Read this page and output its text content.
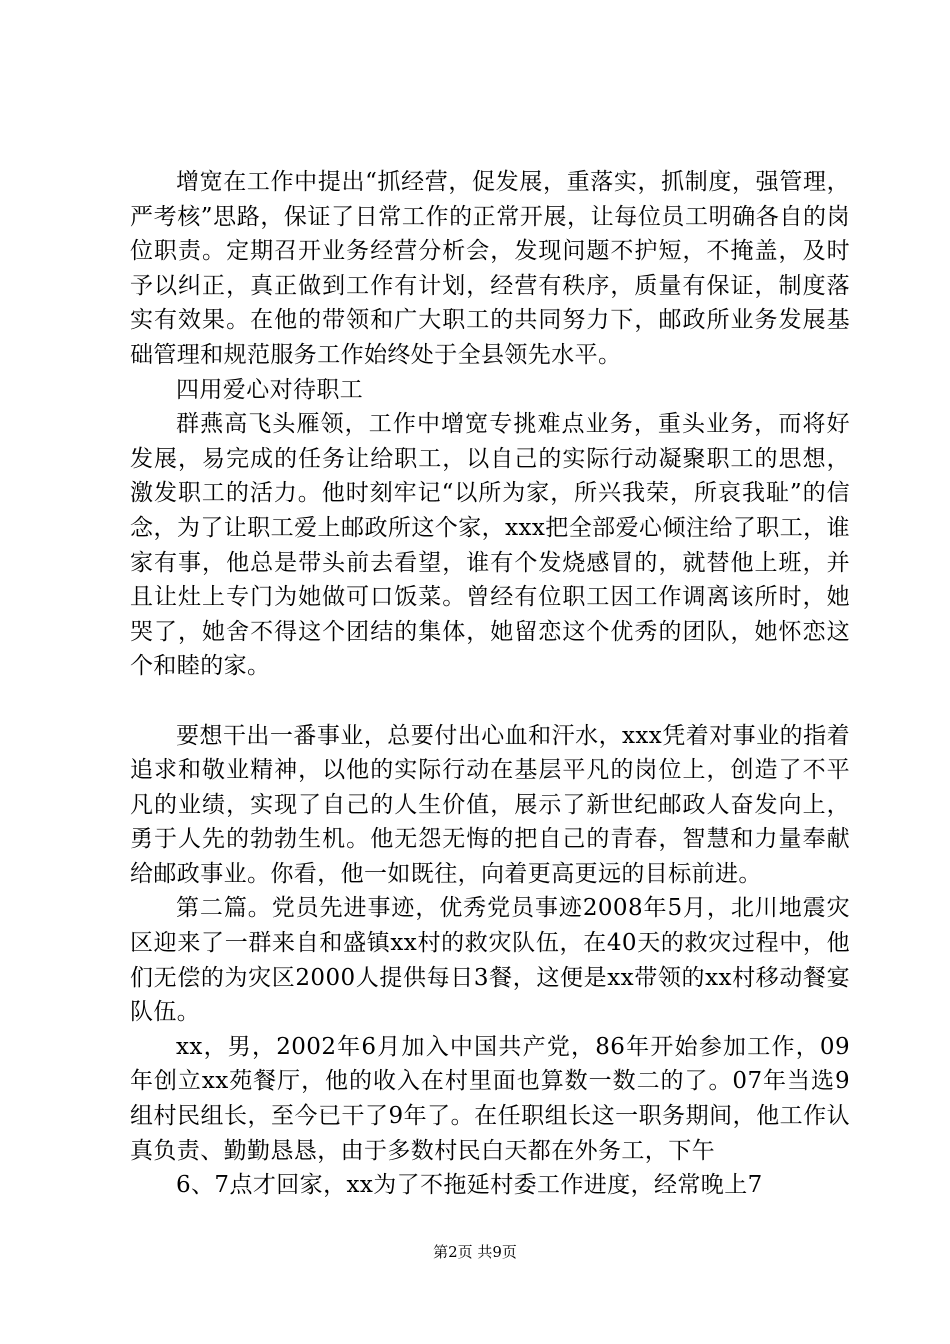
增宽在工作中提出“抓经营，促发展，重落实，抓制度，强管理，严考核”思路，保证了日常工作的正常开展，让每位员工明确各自的岗位职责。定期召开业务经营分析会，发现问题不护短，不掩盖，及时予以纠正，真正做到工作有计划，经营有秩序，质量有保证，制度落实有效果。在他的带领和广大职工的共同努力下，邮政所业务发展基础管理和规范服务工作始终处于全县领先水平。

四用爱心对待职工

群燕高飞头雁领，工作中增宽专挑难点业务，重头业务，而将好发展，易完成的任务让给职工，以自己的实际行动凝聚职工的思想，激发职工的活力。他时刻牢记“以所为家，所兴我荣，所哀我耻”的信念，为了让职工爱上邮政所这个家，xxx把全部爱心倾注给了职工，谁家有事，他总是带头前去看望，谁有个发烧感冒的，就替他上班，并且让灶上专门为她做可口饭菜。曾经有位职工因工作调离该所时，她哭了，她舍不得这个团结的集体，她留恋这个优秀的团队，她怀恋这个和睦的家。

要想干出一番事业，总要付出心血和汗水，xxx凭着对事业的指着追求和敬业精神，以他的实际行动在基层平凡的岗位上，创造了不平凡的业绩，实现了自己的人生价值，展示了新世纪邮政人奋发向上，勇于人先的勃勃生机。他无怨无悔的把自己的青春，智慧和力量奉献给邮政事业。你看，他一如既往，向着更高更远的目标前进。

第二篇。党员先进事迹，优秀党员事迹2008年5月，北川地震灾区迎来了一群来自和盛镇xx村的救灾队伍，在40天的救灾过程中，他们无偿的为灾区2000人提供每日3餐，这便是xx带领的xx村移动餐宴队伍。

xx，男，2002年6月加入中国共产党，86年开始参加工作，09年创立xx苑餐厅，他的收入在村里面也算数一数二的了。07年当选9组村民组长，至今已干了9年了。在任职组长这一职务期间，他工作认真负责、勤勤恳恳，由于多数村民白天都在外务工，下午

6、7点才回家，xx为了不拖延村委工作进度，经常晚上7

第2页 共9页
